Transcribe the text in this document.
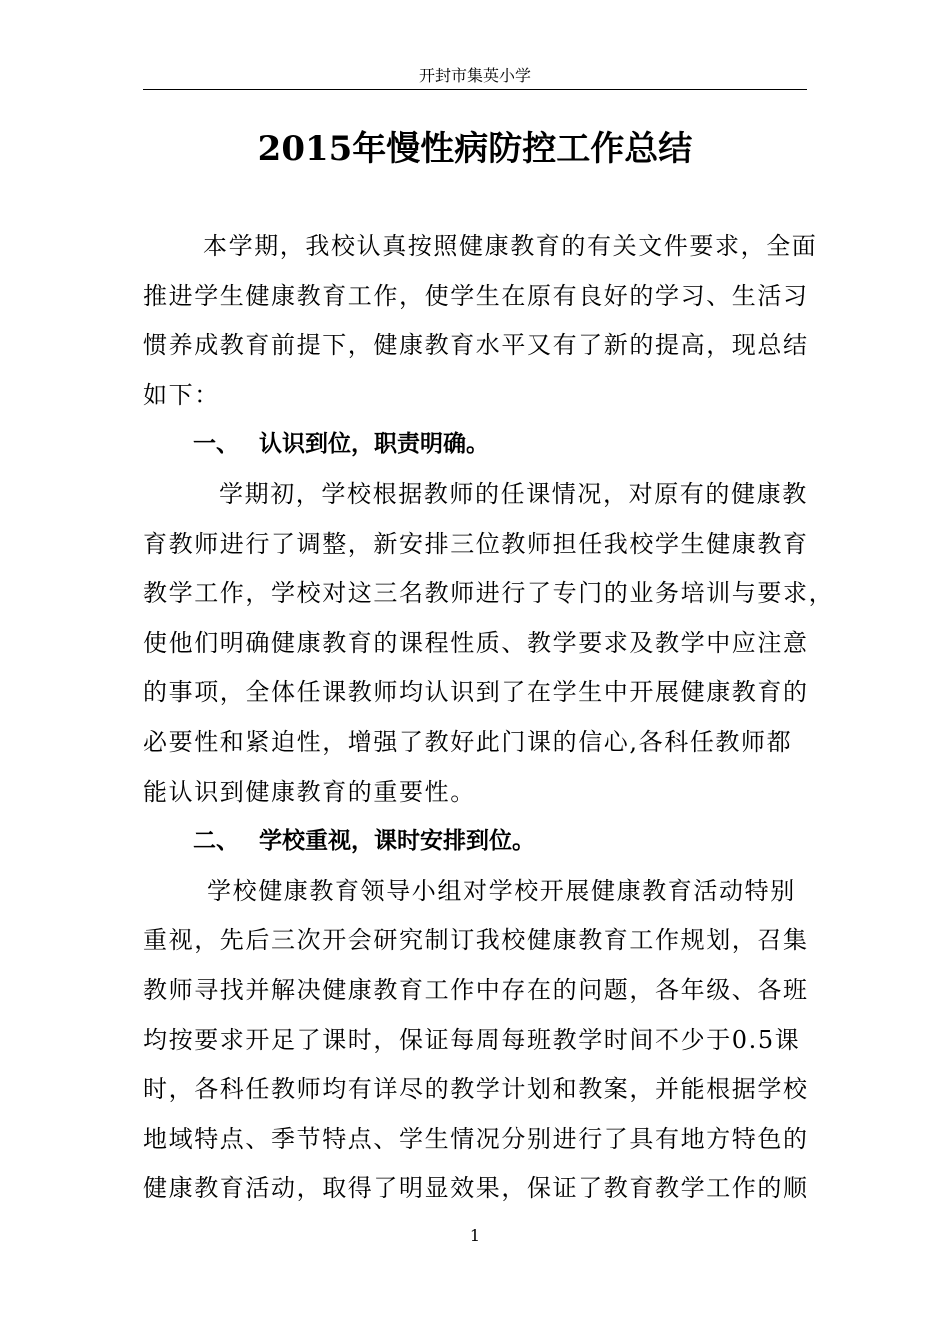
开封市集英小学
2015年慢性病防控工作总结
本学期，我校认真按照健康教育的有关文件要求，全面
推进学生健康教育工作，使学生在原有良好的学习、生活习
惯养成教育前提下，健康教育水平又有了新的提高，现总结
如下：
一、 认识到位，职责明确。
学期初，学校根据教师的任课情况，对原有的健康教
育教师进行了调整，新安排三位教师担任我校学生健康教育
教学工作，学校对这三名教师进行了专门的业务培训与要求，
使他们明确健康教育的课程性质、教学要求及教学中应注意
的事项，全体任课教师均认识到了在学生中开展健康教育的
必要性和紧迫性，增强了教好此门课的信心,各科任教师都
能认识到健康教育的重要性。
二、 学校重视，课时安排到位。
学校健康教育领导小组对学校开展健康教育活动特别
重视，先后三次开会研究制订我校健康教育工作规划，召集
教师寻找并解决健康教育工作中存在的问题，各年级、各班
均按要求开足了课时，保证每周每班教学时间不少于0.5课
时，各科任教师均有详尽的教学计划和教案，并能根据学校
地域特点、季节特点、学生情况分别进行了具有地方特色的
健康教育活动，取得了明显效果，保证了教育教学工作的顺
1
